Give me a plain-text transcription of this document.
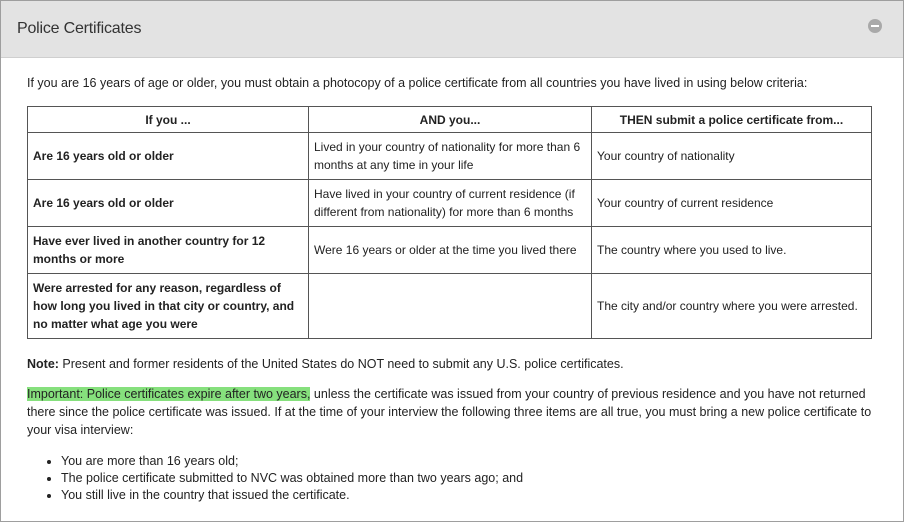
Police Certificates

If you are 16 years of age or older, you must obtain a photocopy of a police certificate from all countries you have lived in using below criteria:

If you ...	AND you...	THEN submit a police certificate from...
Are 16 years old or older	Lived in your country of nationality for more than 6 months at any time in your life	Your country of nationality
Are 16 years old or older	Have lived in your country of current residence (if different from nationality) for more than 6 months	Your country of current residence
Have ever lived in another country for 12 months or more	Were 16 years or older at the time you lived there	The country where you used to live.
Were arrested for any reason, regardless of how long you lived in that city or country, and no matter what age you were		The city and/or country where you were arrested.

Note: Present and former residents of the United States do NOT need to submit any U.S. police certificates.

Important: Police certificates expire after two years, unless the certificate was issued from your country of previous residence and you have not returned there since the police certificate was issued. If at the time of your interview the following three items are all true, you must bring a new police certificate to your visa interview:

• You are more than 16 years old;
• The police certificate submitted to NVC was obtained more than two years ago; and
• You still live in the country that issued the certificate.
